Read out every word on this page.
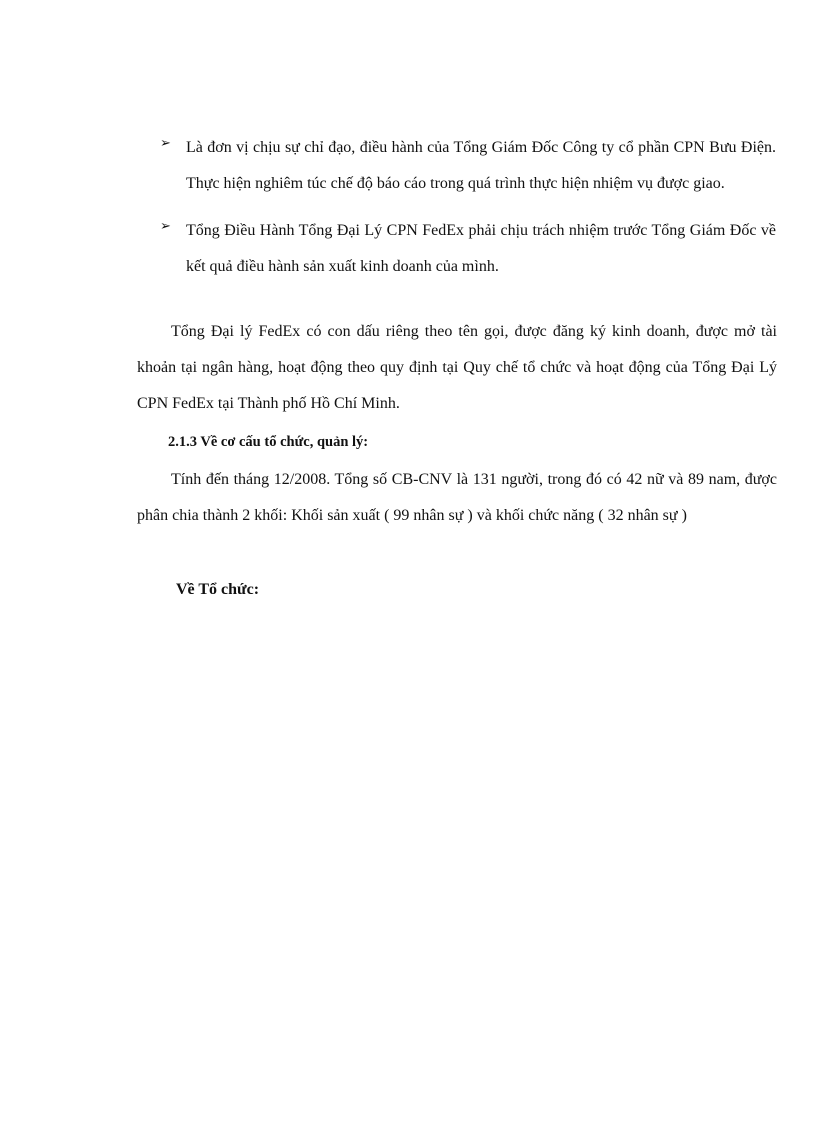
➢ Là đơn vị chịu sự chỉ đạo, điều hành của Tổng Giám Đốc Công ty cổ phần CPN Bưu Điện. Thực hiện nghiêm túc chế độ báo cáo trong quá trình thực hiện nhiệm vụ được giao.
➢ Tổng Điều Hành Tổng Đại Lý CPN FedEx phải chịu trách nhiệm trước Tổng Giám Đốc về kết quả điều hành sản xuất kinh doanh của mình.

Tổng Đại lý FedEx có con dấu riêng theo tên gọi, được đăng ký kinh doanh, được mở tài khoản tại ngân hàng, hoạt động theo quy định tại Quy chế tổ chức và hoạt động của Tổng Đại Lý CPN FedEx tại Thành phố Hồ Chí Minh.

2.1.3 Về cơ cấu tổ chức, quản lý:

Tính đến tháng 12/2008. Tổng số CB-CNV là 131 người, trong đó có 42 nữ và 89 nam, được phân chia thành 2 khối: Khối sản xuất ( 99 nhân sự ) và khối chức năng ( 32 nhân sự )

Về Tổ chức:
